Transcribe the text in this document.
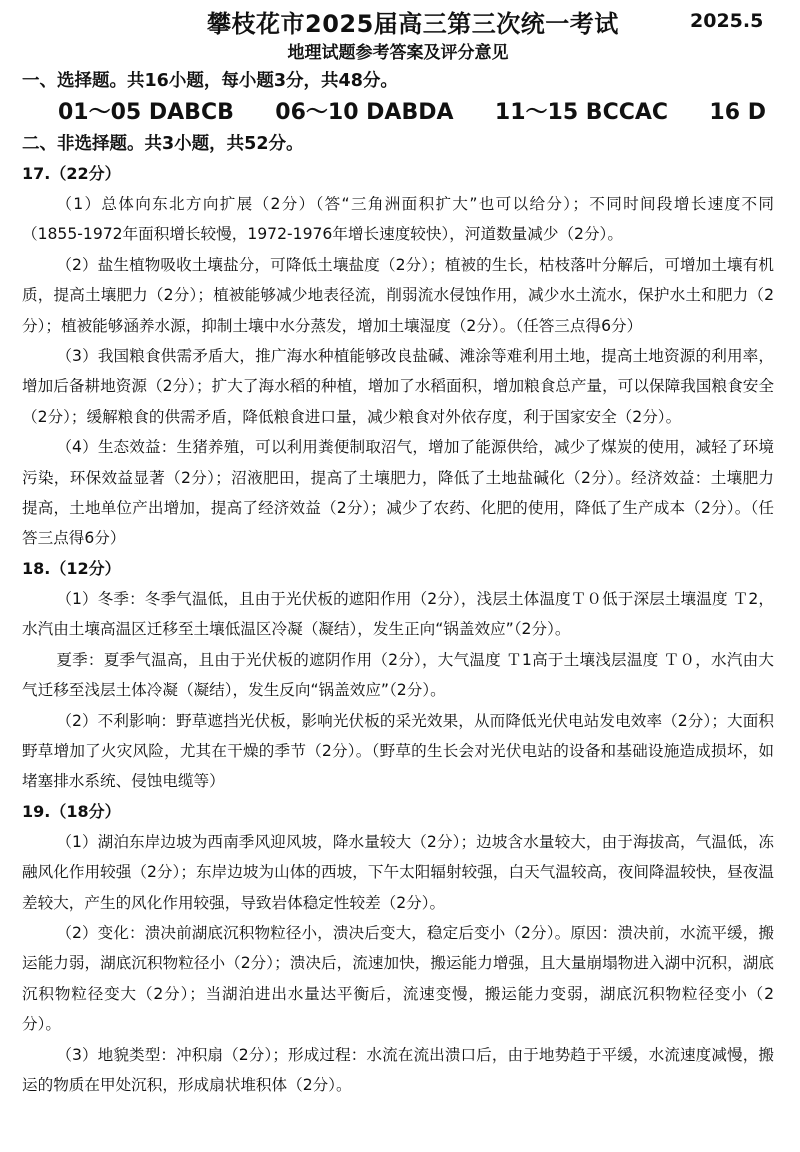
攀枝花市2025届高三第三次统一考试	2025.5
地理试题参考答案及评分意见
一、选择题。共16小题，每小题3分，共48分。
01～05 DABCB 06～10 DABDA 11～15 BCCAC 16 D
二、非选择题。共3小题，共52分。
17.（22分）

（1）总体向东北方向扩展（2分）（答“三角洲面积扩大”也可以给分）；不同时间段增长速度不同（1855-1972年面积增长较慢，1972-1976年增长速度较快），河道数量减少（2分）。

（2）盐生植物吸收土壤盐分，可降低土壤盐度（2分）；植被的生长，枯枝落叶分解后，可增加土壤有机质，提高土壤肥力（2分）；植被能够减少地表径流，削弱流水侵蚀作用，减少水土流水，保护水土和肥力（2分）；植被能够涵养水源，抑制土壤中水分蒸发，增加土壤湿度（2分）。（任答三点得6分）

（3）我国粮食供需矛盾大，推广海水种植能够改良盐碱、滩涂等难利用土地，提高土地资源的利用率，增加后备耕地资源（2分）；扩大了海水稻的种植，增加了水稻面积，增加粮食总产量，可以保障我国粮食安全（2分）；缓解粮食的供需矛盾，降低粮食进口量，减少粮食对外依存度，利于国家安全（2分）。

（4）生态效益：生猪养殖，可以利用粪便制取沼气，增加了能源供给，减少了煤炭的使用，减轻了环境污染，环保效益显著（2分）；沼液肥田，提高了土壤肥力，降低了土地盐碱化（2分）。经济效益：土壤肥力提高，土地单位产出增加，提高了经济效益（2分）；减少了农药、化肥的使用，降低了生产成本（2分）。（任答三点得6分）

18.（12分）

（1）冬季：冬季气温低，且由于光伏板的遮阳作用（2分），浅层土体温度Ｔ０低于深层土壤温度 Ｔ2，水汽由土壤高温区迁移至土壤低温区冷凝（凝结），发生正向“锅盖效应”（2分）。

夏季：夏季气温高，且由于光伏板的遮阴作用（2分），大气温度 Ｔ1高于土壤浅层温度 Ｔ０，水汽由大气迁移至浅层土体冷凝（凝结），发生反向“锅盖效应”（2分）。

（2）不利影响：野草遮挡光伏板，影响光伏板的采光效果，从而降低光伏电站发电效率（2分）；大面积野草增加了火灾风险，尤其在干燥的季节（2分）。（野草的生长会对光伏电站的设备和基础设施造成损坏，如堵塞排水系统、侵蚀电缆等）

19.（18分）

（1）湖泊东岸边坡为西南季风迎风坡，降水量较大（2分）；边坡含水量较大，由于海拔高，气温低，冻融风化作用较强（2分）；东岸边坡为山体的西坡，下午太阳辐射较强，白天气温较高，夜间降温较快，昼夜温差较大，产生的风化作用较强，导致岩体稳定性较差（2分）。

（2）变化：溃决前湖底沉积物粒径小，溃决后变大，稳定后变小（2分）。原因：溃决前，水流平缓，搬运能力弱，湖底沉积物粒径小（2分）；溃决后，流速加快，搬运能力增强，且大量崩塌物进入湖中沉积，湖底沉积物粒径变大（2分）；当湖泊进出水量达平衡后，流速变慢，搬运能力变弱，湖底沉积物粒径变小（2分）。

（3）地貌类型：冲积扇（2分）；形成过程：水流在流出溃口后，由于地势趋于平缓，水流速度减慢，搬运的物质在甲处沉积，形成扇状堆积体（2分）。
